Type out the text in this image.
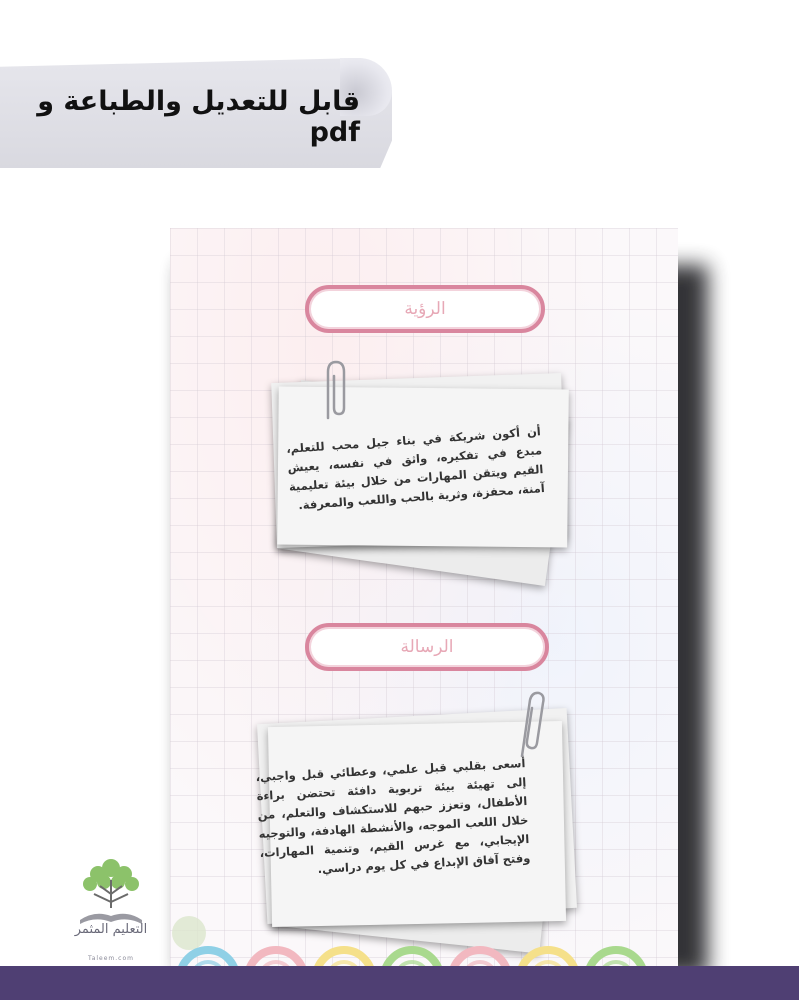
قابل للتعديل والطباعة و pdf
الرؤية
أن أكون شريكة في بناء جيل محب للتعلم، مبدع في تفكيره، واثق في نفسه، يعيش القيم ويتقن المهارات من خلال بيئة تعليمية آمنة، محفزة، وثرية بالحب واللعب والمعرفة.
الرسالة
أسعى بقلبي قبل علمي، وعطائي قبل واجبي، إلى تهيئة بيئة تربوية دافئة تحتضن براءة الأطفال، وتعزز حبهم للاستكشاف والتعلم، من خلال اللعب الموجه، والأنشطة الهادفة، والتوجيه الإيجابي، مع غرس القيم، وتنمية المهارات، وفتح آفاق الإبداع في كل يوم دراسي.
التعليم المثمر
Taleem.com
